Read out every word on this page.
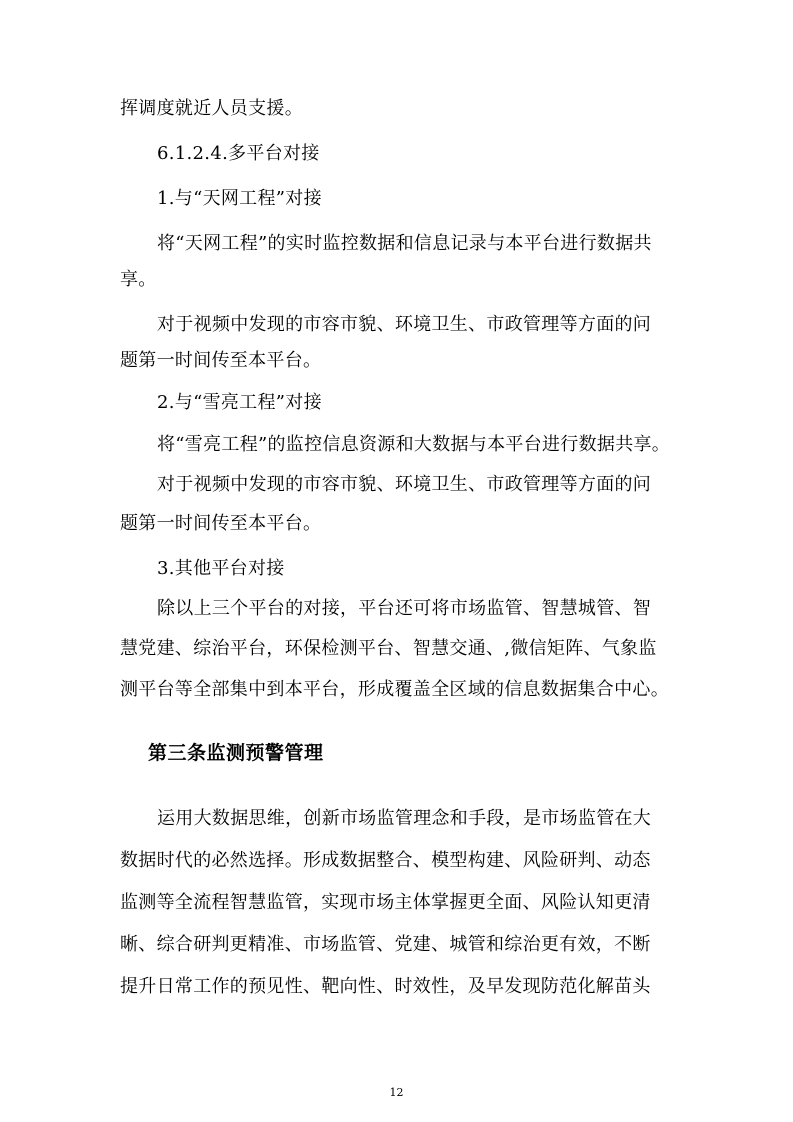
挥调度就近人员支援。
6.1.2.4.多平台对接
1.与“天网工程”对接
将“天网工程”的实时监控数据和信息记录与本平台进行数据共
享。
对于视频中发现的市容市貌、环境卫生、市政管理等方面的问
题第一时间传至本平台。
2.与“雪亮工程”对接
将“雪亮工程”的监控信息资源和大数据与本平台进行数据共享。
对于视频中发现的市容市貌、环境卫生、市政管理等方面的问
题第一时间传至本平台。
3.其他平台对接
除以上三个平台的对接，平台还可将市场监管、智慧城管、智
慧党建、综治平台，环保检测平台、智慧交通、,微信矩阵、气象监
测平台等全部集中到本平台，形成覆盖全区域的信息数据集合中心。
第三条监测预警管理
运用大数据思维，创新市场监管理念和手段，是市场监管在大
数据时代的必然选择。形成数据整合、模型构建、风险研判、动态
监测等全流程智慧监管，实现市场主体掌握更全面、风险认知更清
晰、综合研判更精准、市场监管、党建、城管和综治更有效，不断
提升日常工作的预见性、靶向性、时效性，及早发现防范化解苗头
12
